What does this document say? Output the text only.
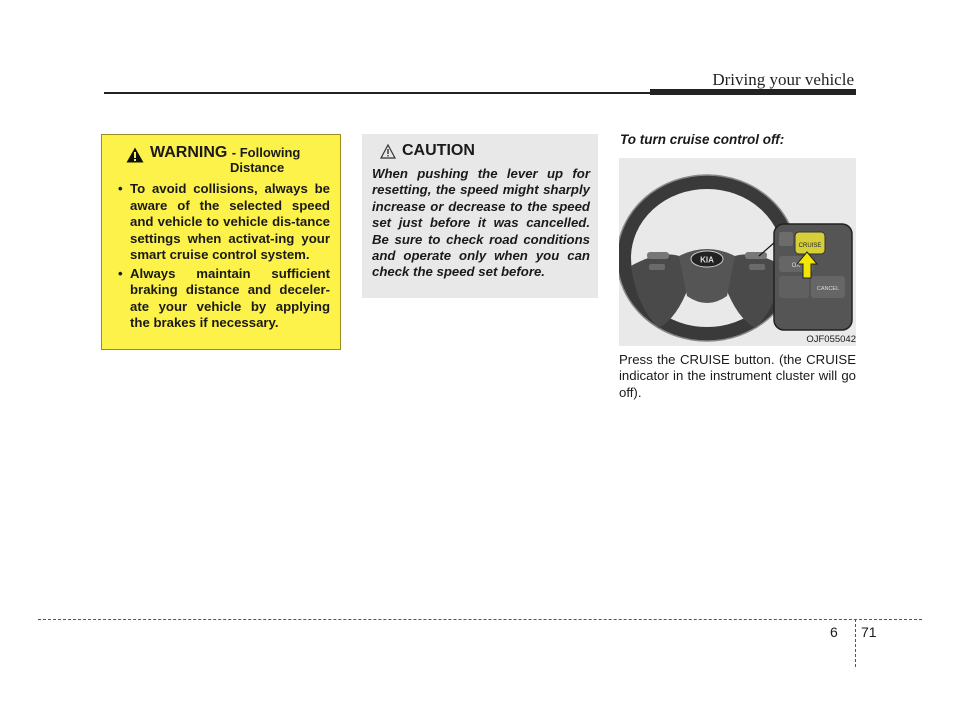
Driving your vehicle
WARNING - Following
Distance
• To avoid collisions, always be aware of the selected speed and vehicle to vehicle dis-tance settings when activat-ing your smart cruise control system.
• Always maintain sufficient braking distance and deceler-ate your vehicle by applying the brakes if necessary.
CAUTION
When pushing the lever up for resetting, the speed might sharply increase or decrease to the speed set just before it was cancelled. Be sure to check road conditions and operate only when you can check the speed set before.
To turn cruise control off:
KIA
CRUISE
OK
CANCEL
OJF055042
Press the CRUISE button. (the CRUISE indicator in the instrument cluster will go off).
6 71
